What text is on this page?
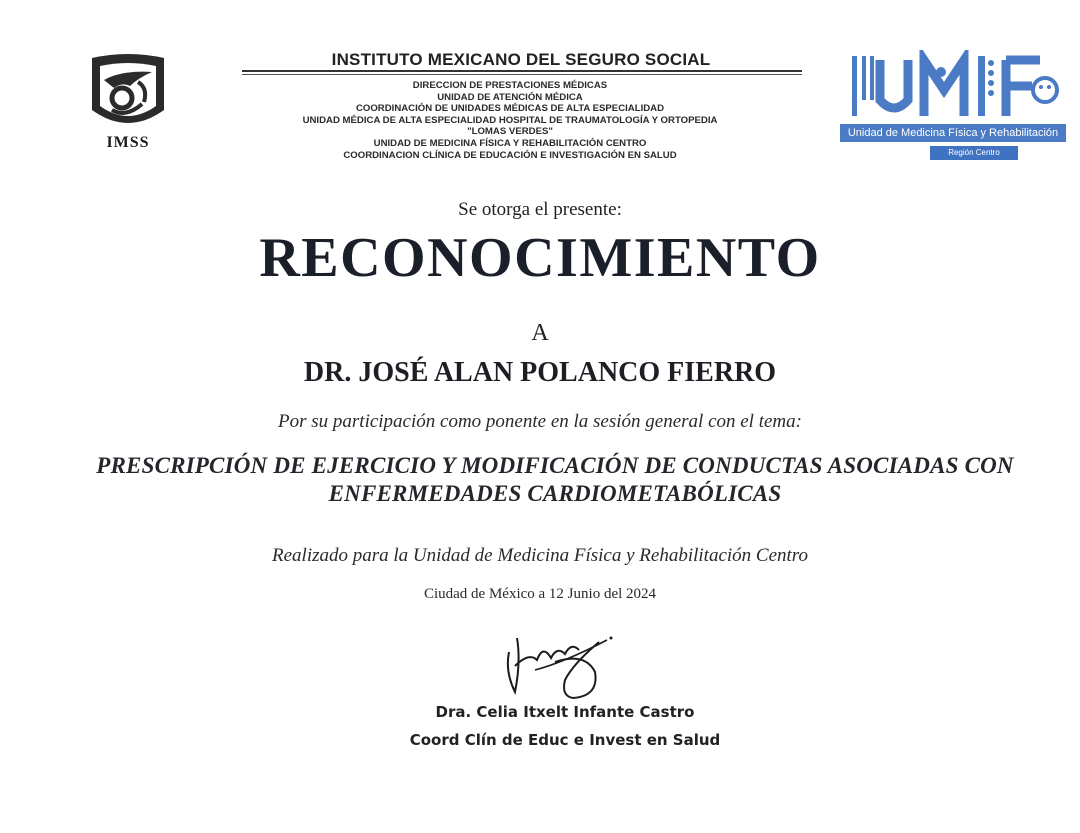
IMSS
INSTITUTO MEXICANO DEL SEGURO SOCIAL
DIRECCION DE PRESTACIONES MÉDICAS
UNIDAD DE ATENCIÓN MÉDICA
COORDINACIÓN DE UNIDADES MÉDICAS DE ALTA ESPECIALIDAD
UNIDAD MÉDICA DE ALTA ESPECIALIDAD HOSPITAL DE TRAUMATOLOGÍA Y ORTOPEDIA
"LOMAS VERDES"
UNIDAD DE MEDICINA FÍSICA Y REHABILITACIÓN CENTRO
COORDINACION CLÍNICA DE EDUCACIÓN E INVESTIGACIÓN EN SALUD
Unidad de Medicina Física y Rehabilitación
Región Centro
Se otorga el presente:
RECONOCIMIENTO
A
DR. JOSÉ ALAN POLANCO FIERRO
Por su participación como ponente en la sesión general con el tema:
PRESCRIPCIÓN DE EJERCICIO Y MODIFICACIÓN DE CONDUCTAS ASOCIADAS CON
ENFERMEDADES CARDIOMETABÓLICAS
Realizado para la Unidad de Medicina Física y Rehabilitación Centro
Ciudad de México a 12 Junio del 2024
Dra. Celia Itxelt Infante Castro
Coord Clín de Educ e Invest en Salud
